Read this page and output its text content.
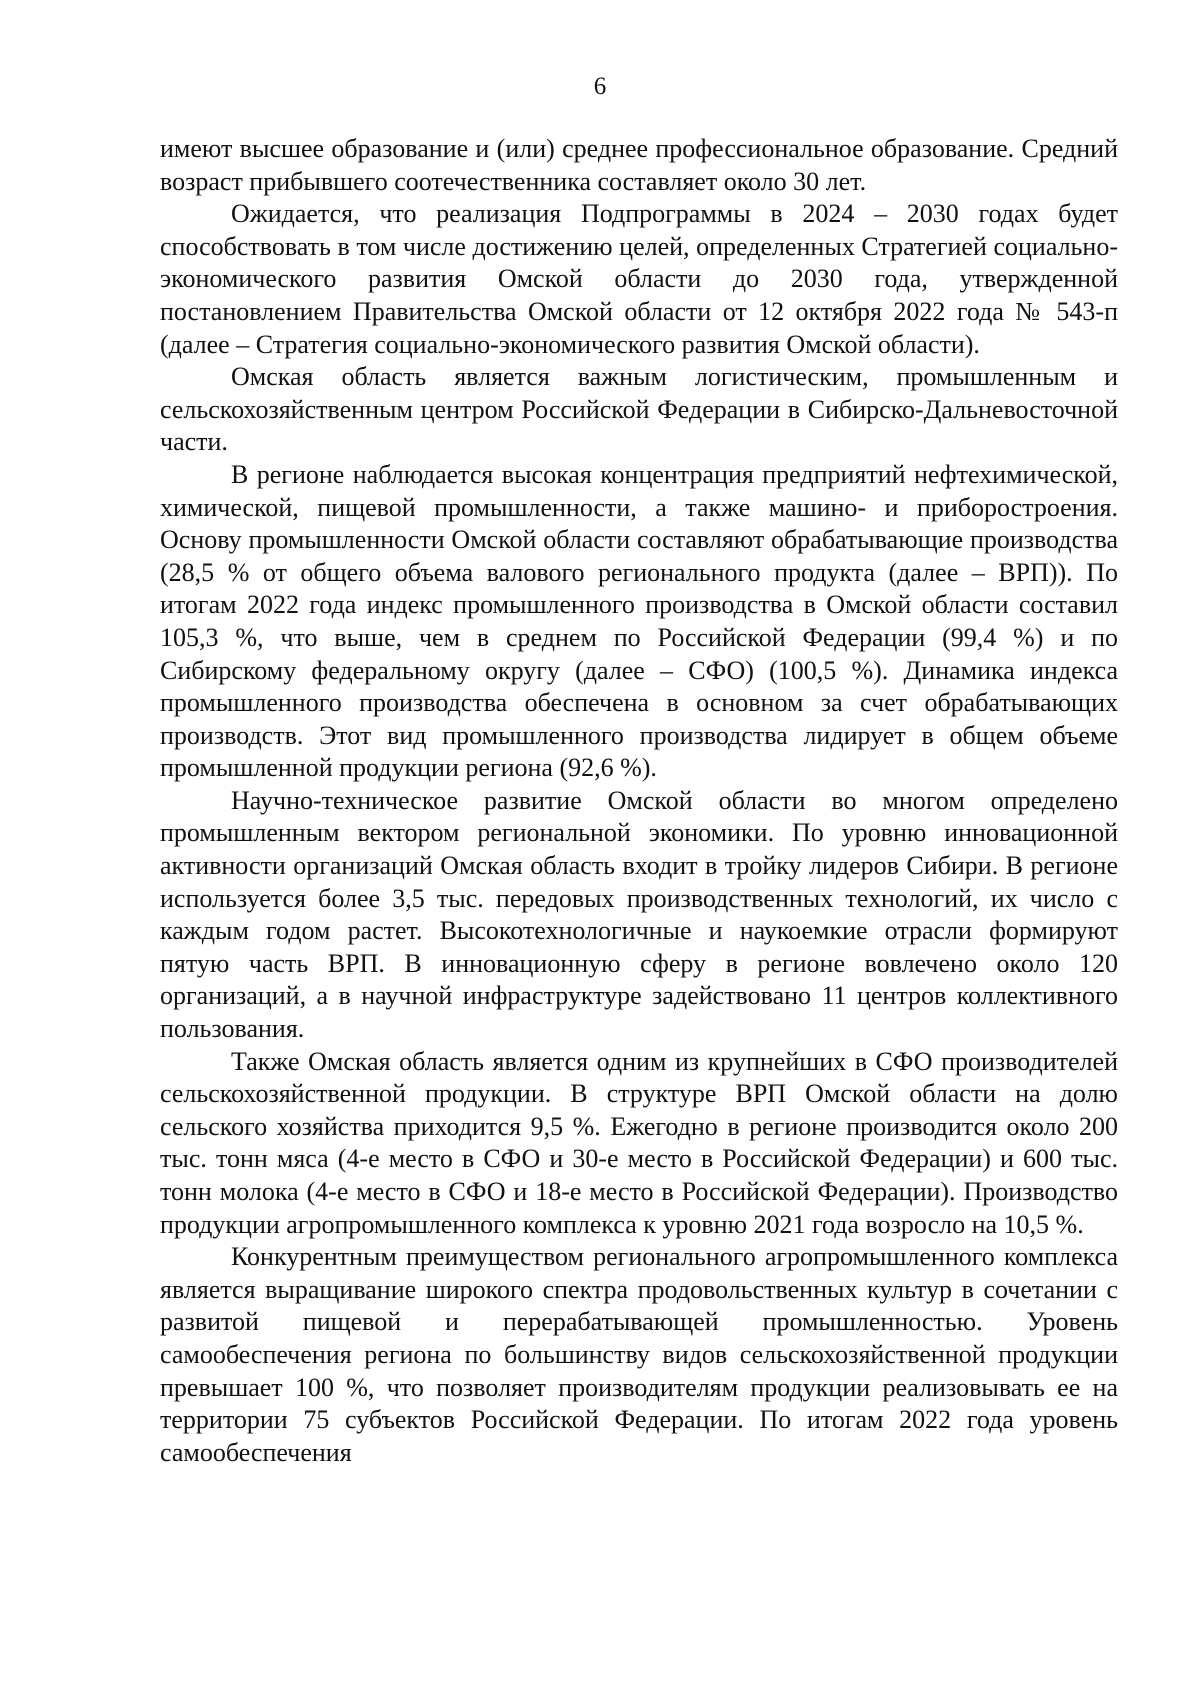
6

имеют высшее образование и (или) среднее профессиональное образование. Средний возраст прибывшего соотечественника составляет около 30 лет.

Ожидается, что реализация Подпрограммы в 2024 – 2030 годах будет способствовать в том числе достижению целей, определенных Стратегией социально-экономического развития Омской области до 2030 года, утвержденной постановлением Правительства Омской области от 12 октября 2022 года № 543-п (далее – Стратегия социально-экономического развития Омской области).

Омская область является важным логистическим, промышленным и сельскохозяйственным центром Российской Федерации в Сибирско-Дальневосточной части.

В регионе наблюдается высокая концентрация предприятий нефтехимической, химической, пищевой промышленности, а также машино- и приборостроения. Основу промышленности Омской области составляют обрабатывающие производства (28,5 % от общего объема валового регионального продукта (далее – ВРП)). По итогам 2022 года индекс промышленного производства в Омской области составил 105,3 %, что выше, чем в среднем по Российской Федерации (99,4 %) и по Сибирскому федеральному округу (далее – СФО) (100,5 %). Динамика индекса промышленного производства обеспечена в основном за счет обрабатывающих производств. Этот вид промышленного производства лидирует в общем объеме промышленной продукции региона (92,6 %).

Научно-техническое развитие Омской области во многом определено промышленным вектором региональной экономики. По уровню инновационной активности организаций Омская область входит в тройку лидеров Сибири. В регионе используется более 3,5 тыс. передовых производственных технологий, их число с каждым годом растет. Высокотехнологичные и наукоемкие отрасли формируют пятую часть ВРП. В инновационную сферу в регионе вовлечено около 120 организаций, а в научной инфраструктуре задействовано 11 центров коллективного пользования.

Также Омская область является одним из крупнейших в СФО производителей сельскохозяйственной продукции. В структуре ВРП Омской области на долю сельского хозяйства приходится 9,5 %. Ежегодно в регионе производится около 200 тыс. тонн мяса (4-е место в СФО и 30-е место в Российской Федерации) и 600 тыс. тонн молока (4-е место в СФО и 18-е место в Российской Федерации). Производство продукции агропромышленного комплекса к уровню 2021 года возросло на 10,5 %.

Конкурентным преимуществом регионального агропромышленного комплекса является выращивание широкого спектра продовольственных культур в сочетании с развитой пищевой и перерабатывающей промышленностью. Уровень самообеспечения региона по большинству видов сельскохозяйственной продукции превышает 100 %, что позволяет производителям продукции реализовывать ее на территории 75 субъектов Российской Федерации. По итогам 2022 года уровень самообеспечения
